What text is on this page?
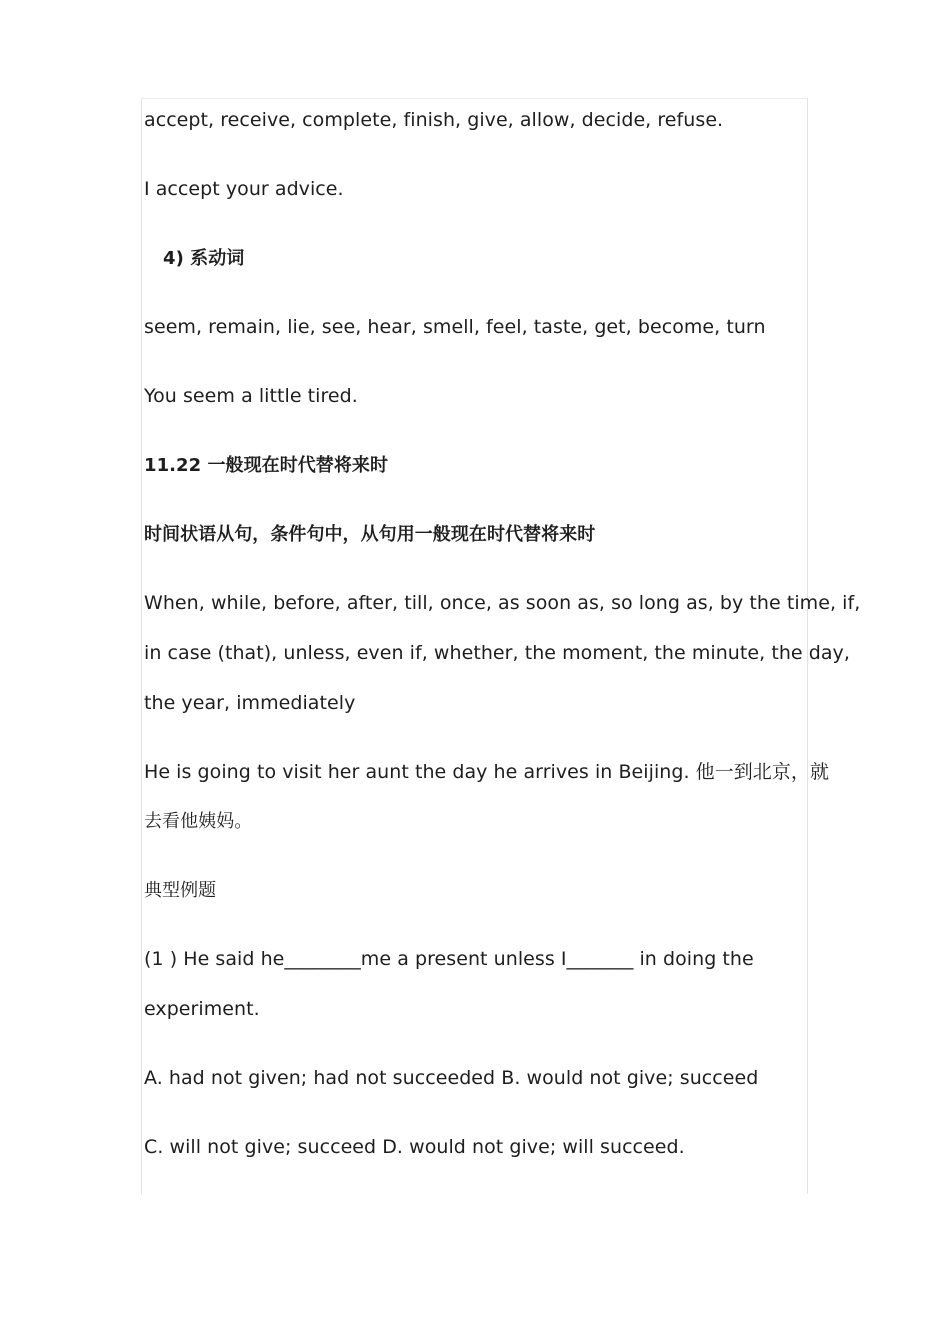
accept, receive, complete, finish, give, allow, decide, refuse.
I accept your advice.
4) 系动词
seem, remain, lie, see, hear, smell, feel, taste, get, become, turn
You seem a little tired.
11.22 一般现在时代替将来时
时间状语从句，条件句中，从句用一般现在时代替将来时
When, while, before, after, till, once, as soon as, so long as, by the time, if,
in case (that), unless, even if, whether, the moment, the minute, the day,
the year, immediately
He is going to visit her aunt the day he arrives in Beijing. 他一到北京，就
去看他姨妈。
典型例题
(1 ) He said he________me a present unless I_______ in doing the
experiment.
A. had not given; had not succeeded B. would not give; succeed
C. will not give; succeed D. would not give; will succeed.
